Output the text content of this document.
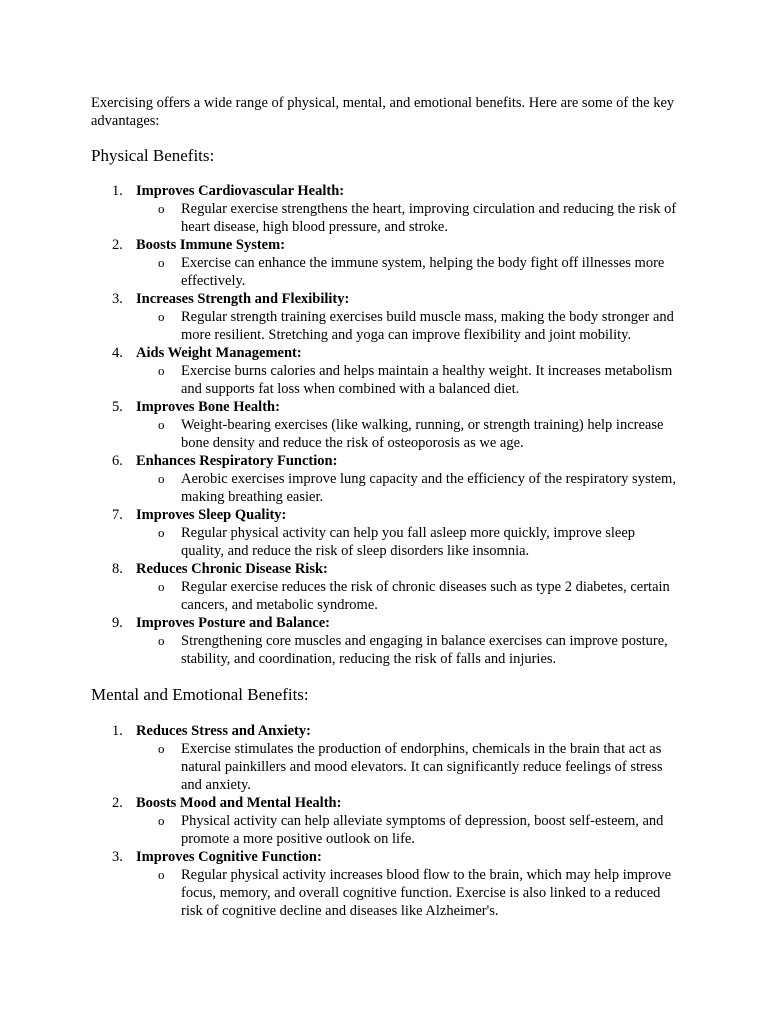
Exercising offers a wide range of physical, mental, and emotional benefits. Here are some of the key advantages:

Physical Benefits:
1. Improves Cardiovascular Health:
o Regular exercise strengthens the heart, improving circulation and reducing the risk of heart disease, high blood pressure, and stroke.
2. Boosts Immune System:
o Exercise can enhance the immune system, helping the body fight off illnesses more effectively.
3. Increases Strength and Flexibility:
o Regular strength training exercises build muscle mass, making the body stronger and more resilient. Stretching and yoga can improve flexibility and joint mobility.
4. Aids Weight Management:
o Exercise burns calories and helps maintain a healthy weight. It increases metabolism and supports fat loss when combined with a balanced diet.
5. Improves Bone Health:
o Weight-bearing exercises (like walking, running, or strength training) help increase bone density and reduce the risk of osteoporosis as we age.
6. Enhances Respiratory Function:
o Aerobic exercises improve lung capacity and the efficiency of the respiratory system, making breathing easier.
7. Improves Sleep Quality:
o Regular physical activity can help you fall asleep more quickly, improve sleep quality, and reduce the risk of sleep disorders like insomnia.
8. Reduces Chronic Disease Risk:
o Regular exercise reduces the risk of chronic diseases such as type 2 diabetes, certain cancers, and metabolic syndrome.
9. Improves Posture and Balance:
o Strengthening core muscles and engaging in balance exercises can improve posture, stability, and coordination, reducing the risk of falls and injuries.
Mental and Emotional Benefits:
1. Reduces Stress and Anxiety:
o Exercise stimulates the production of endorphins, chemicals in the brain that act as natural painkillers and mood elevators. It can significantly reduce feelings of stress and anxiety.
2. Boosts Mood and Mental Health:
o Physical activity can help alleviate symptoms of depression, boost self-esteem, and promote a more positive outlook on life.
3. Improves Cognitive Function:
o Regular physical activity increases blood flow to the brain, which may help improve focus, memory, and overall cognitive function. Exercise is also linked to a reduced risk of cognitive decline and diseases like Alzheimer's.
